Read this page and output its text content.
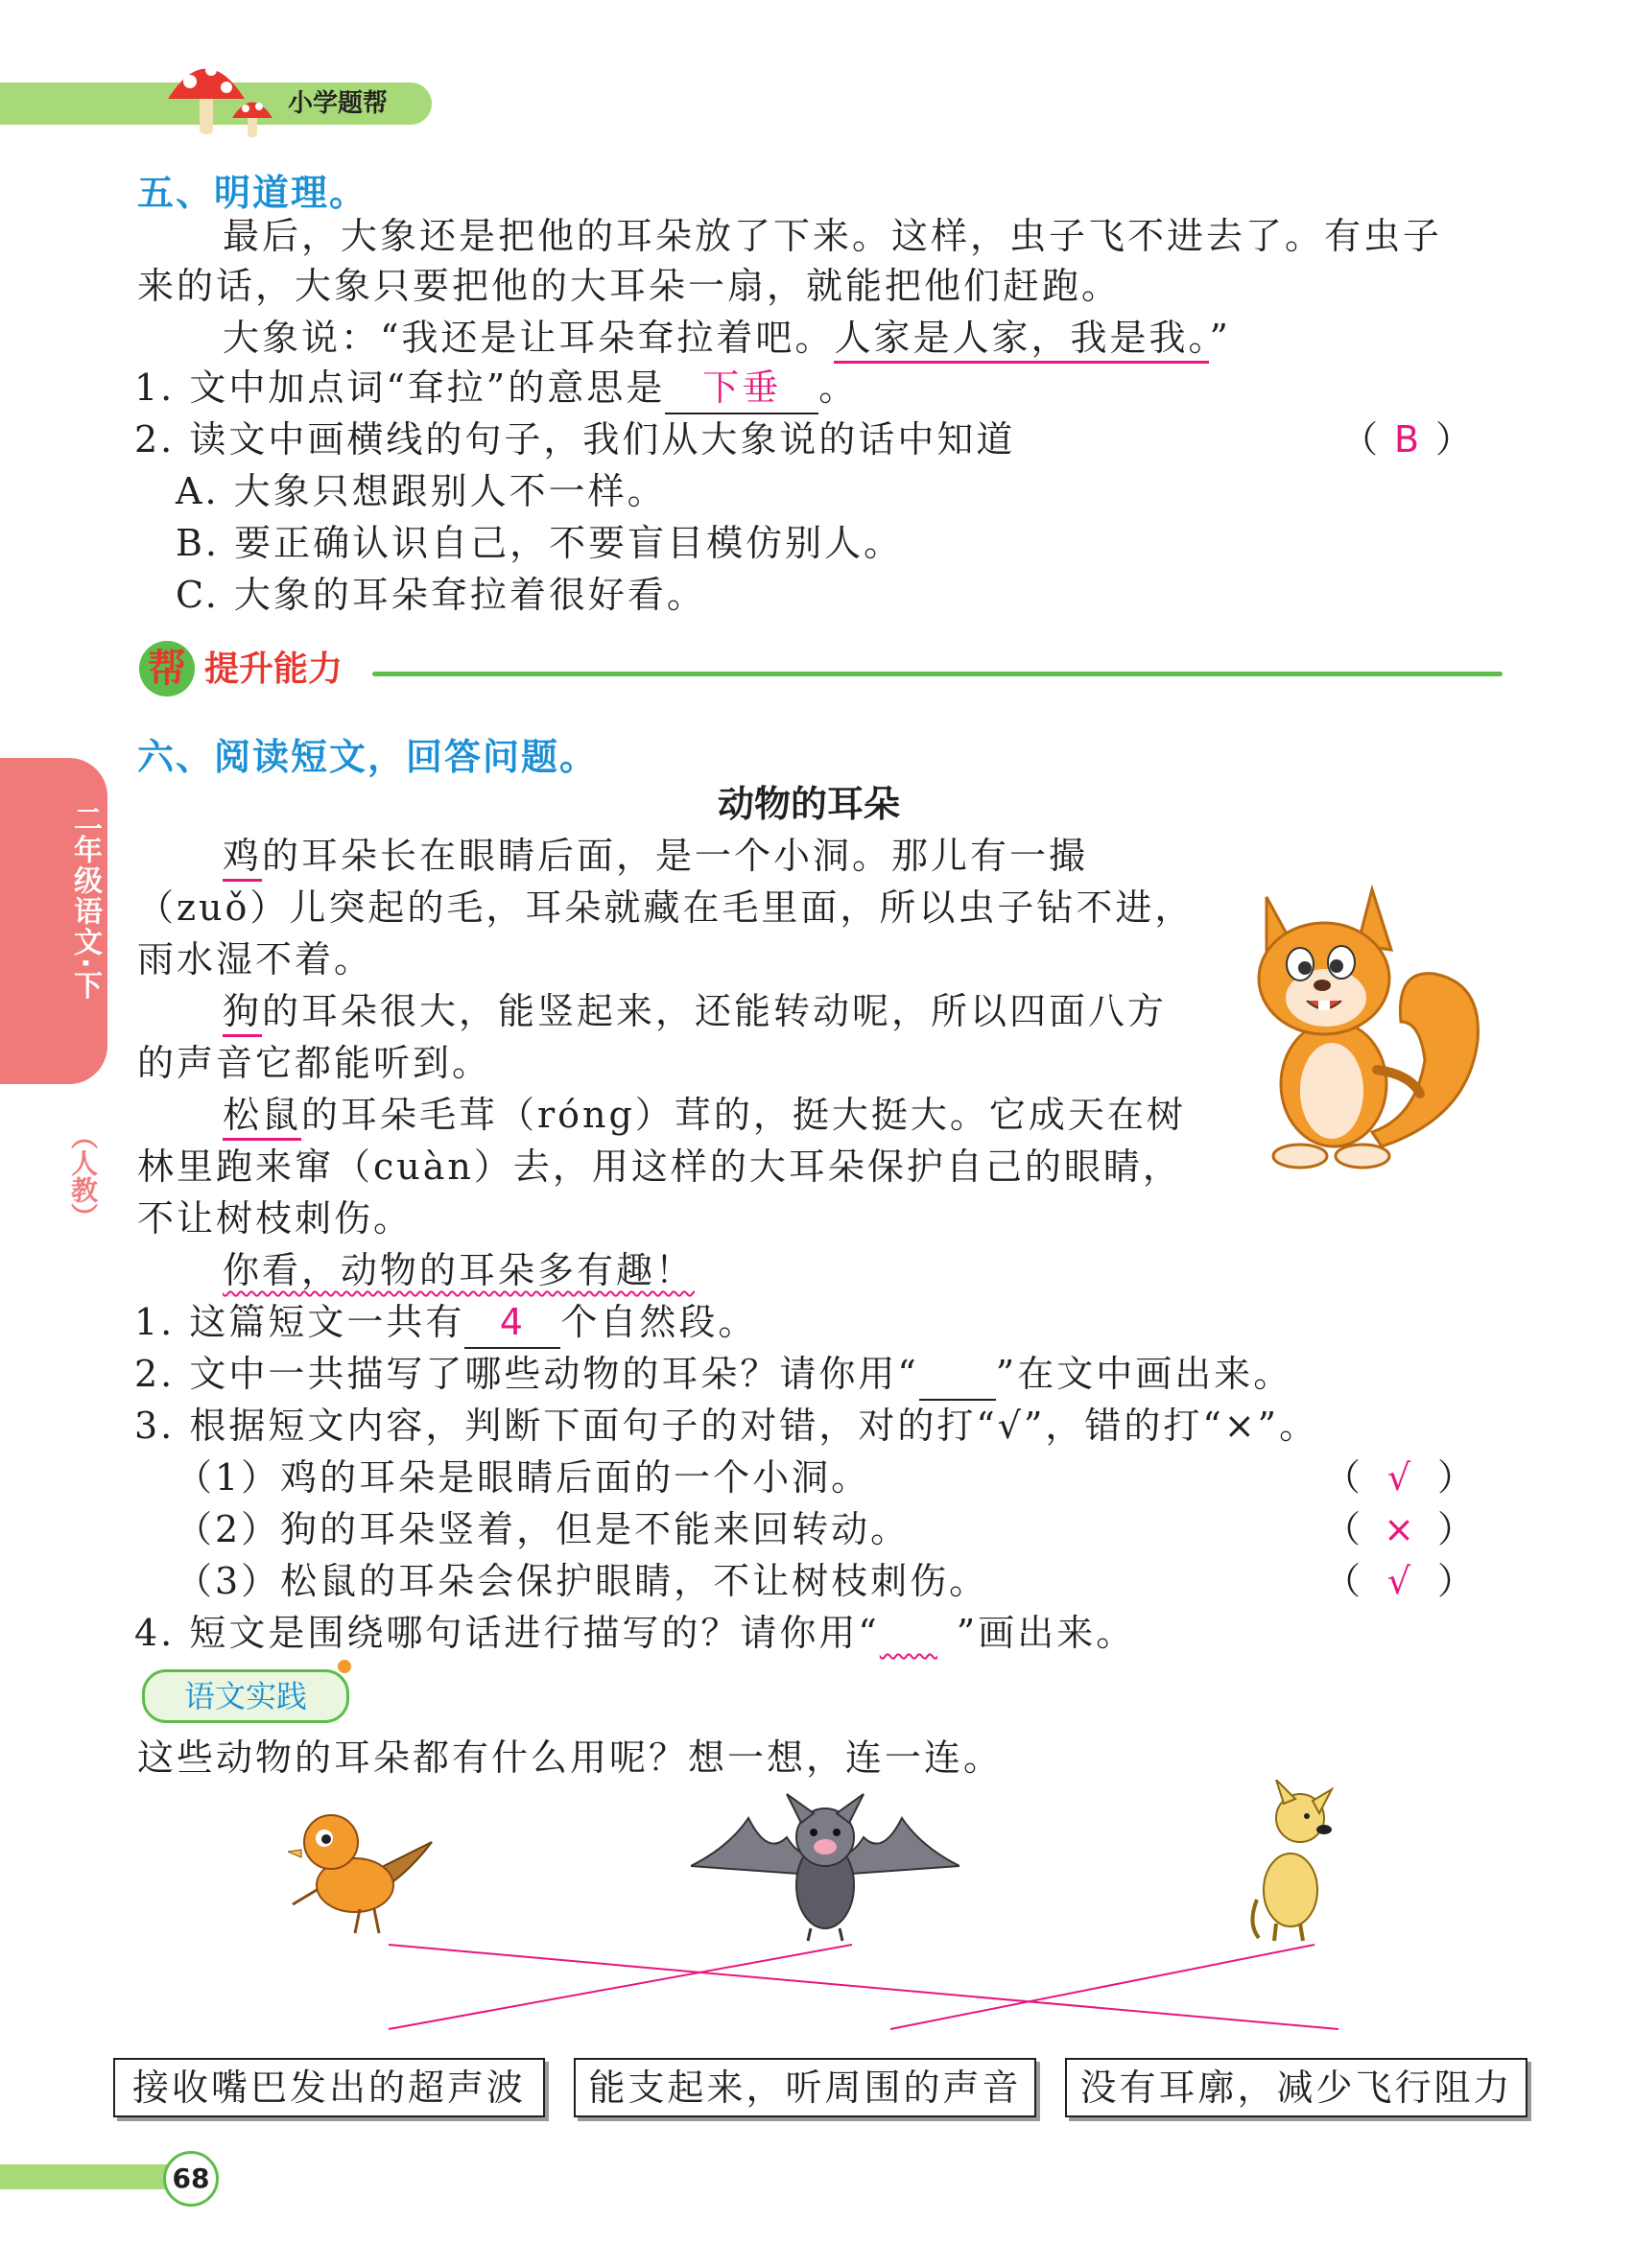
小学题帮
五、明道理。
最后，大象还是把他的耳朵放了下来。这样，虫子飞不进去了。有虫子
来的话，大象只要把他的大耳朵一扇，就能把他们赶跑。
大象说：“我还是让耳朵耷拉着吧。人家是人家，我是我。”
1. 文中加点词“耷拉”的意思是 下垂 。
2. 读文中画横线的句子，我们从大象说的话中知道	（ B ）
A. 大象只想跟别人不一样。
B. 要正确认识自己，不要盲目模仿别人。
C. 大象的耳朵耷拉着很好看。
帮 提升能力
二年级语文·下
（人教）
六、阅读短文，回答问题。
动物的耳朵
鸡的耳朵长在眼睛后面，是一个小洞。那儿有一撮
（zuǒ）儿突起的毛，耳朵就藏在毛里面，所以虫子钻不进，
雨水湿不着。
狗的耳朵很大，能竖起来，还能转动呢，所以四面八方
的声音它都能听到。
松鼠的耳朵毛茸（róng）茸的，挺大挺大。它成天在树
林里跑来窜（cuàn）去，用这样的大耳朵保护自己的眼睛，
不让树枝刺伤。
你看，动物的耳朵多有趣！
1. 这篇短文一共有 4 个自然段。
2. 文中一共描写了哪些动物的耳朵？请你用“ ”在文中画出来。
3. 根据短文内容，判断下面句子的对错，对的打“√”，错的打“×”。
（1）鸡的耳朵是眼睛后面的一个小洞。	（ √ ）
（2）狗的耳朵竖着，但是不能来回转动。	（ × ）
（3）松鼠的耳朵会保护眼睛，不让树枝刺伤。	（ √ ）
4. 短文是围绕哪句话进行描写的？请你用“ ”画出来。
语文实践
这些动物的耳朵都有什么用呢？想一想，连一连。
接收嘴巴发出的超声波	能支起来，听周围的声音	没有耳廓，减少飞行阻力
68
